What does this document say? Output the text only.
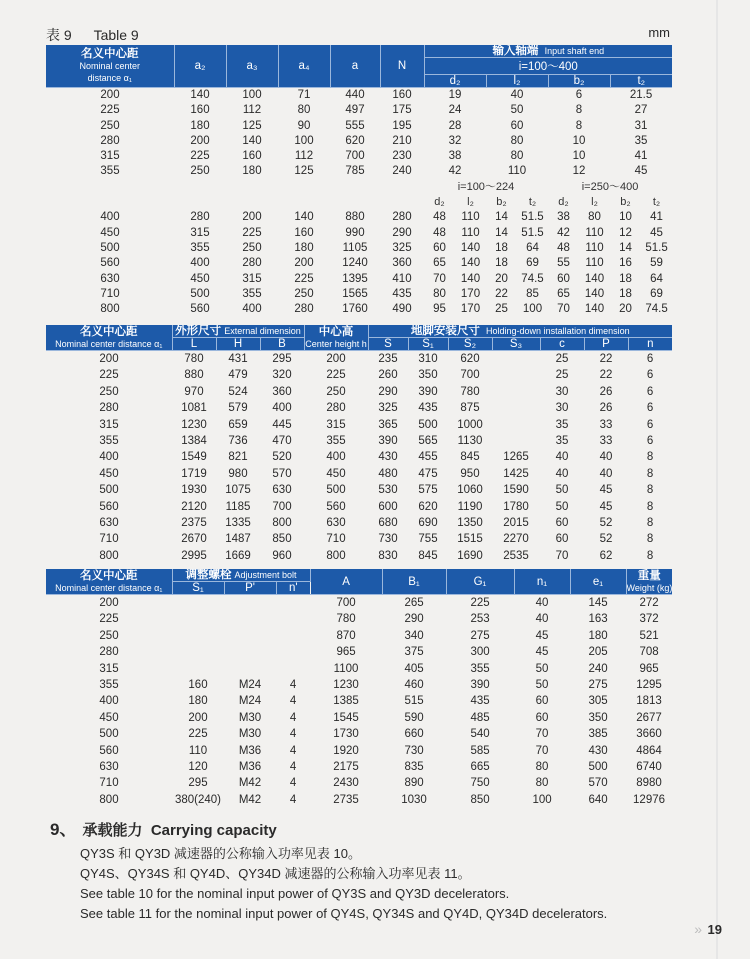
表 9 Table 9	mm
名义中心距
Nominal center
distance α₁	a₂	a₃	a₄	a	N	输入轴端 Input shaft end							
						i=100～400							
						d₂		l₂		b₂		t₂	
200	140	100	71	440	160	19		40		6		21.5	
225	160	112	80	497	175	24		50		8		27	
250	180	125	90	555	195	28		60		8		31	
280	200	140	100	620	210	32		80		10		35	
315	225	160	112	700	230	38		80		10		41	
355	250	180	125	785	240	42		110		12		45	
						i=100～224				i=250～400			
						d₂	l₂	b₂	t₂	d₂	l₂	b₂	t₂
400	280	200	140	880	280	48	110	14	51.5	38	80	10	41
450	315	225	160	990	290	48	110	14	51.5	42	110	12	45
500	355	250	180	1105	325	60	140	18	64	48	110	14	51.5
560	400	280	200	1240	360	65	140	18	69	55	110	16	59
630	450	315	225	1395	410	70	140	20	74.5	60	140	18	64
710	500	355	250	1565	435	80	170	22	85	65	140	18	69
800	560	400	280	1760	490	95	170	25	100	70	140	20	74.5
名义中心距
Nominal center distance α₁	外形尺寸 External dimension			中心高
Center height h	地脚安装尺寸 Holding-down installation dimension						
	L	H	B		S	S₁	S₂	S₃	c	P	n
200	780	431	295	200	235	310	620		25	22	6
225	880	479	320	225	260	350	700		25	22	6
250	970	524	360	250	290	390	780		30	26	6
280	1081	579	400	280	325	435	875		30	26	6
315	1230	659	445	315	365	500	1000		35	33	6
355	1384	736	470	355	390	565	1130		35	33	6
400	1549	821	520	400	430	455	845	1265	40	40	8
450	1719	980	570	450	480	475	950	1425	40	40	8
500	1930	1075	630	500	530	575	1060	1590	50	45	8
560	2120	1185	700	560	600	620	1190	1780	50	45	8
630	2375	1335	800	630	680	690	1350	2015	60	52	8
710	2670	1487	850	710	730	755	1515	2270	60	52	8
800	2995	1669	960	800	830	845	1690	2535	70	62	8
名义中心距
Nominal center distance α₁	调整螺栓 Adjustment bolt			A	B₁	G₁	n₁	e₁	重量
Weight (kg)
	S₁	P'	n'						
200				700	265	225	40	145	272
225				780	290	253	40	163	372
250				870	340	275	45	180	521
280				965	375	300	45	205	708
315				1100	405	355	50	240	965
355	160	M24	4	1230	460	390	50	275	1295
400	180	M24	4	1385	515	435	60	305	1813
450	200	M30	4	1545	590	485	60	350	2677
500	225	M30	4	1730	660	540	70	385	3660
560	110	M36	4	1920	730	585	70	430	4864
630	120	M36	4	2175	835	665	80	500	6740
710	295	M42	4	2430	890	750	80	570	8980
800	380(240)	M42	4	2735	1030	850	100	640	12976
9、 承载能力 Carrying capacity
QY3S 和 QY3D 减速器的公称输入功率见表 10。
QY4S、QY34S 和 QY4D、QY34D 减速器的公称输入功率见表 11。
See table 10 for the nominal input power of QY3S and QY3D decelerators.
See table 11 for the nominal input power of QY4S, QY34S and QY4D, QY34D decelerators.
» 19
